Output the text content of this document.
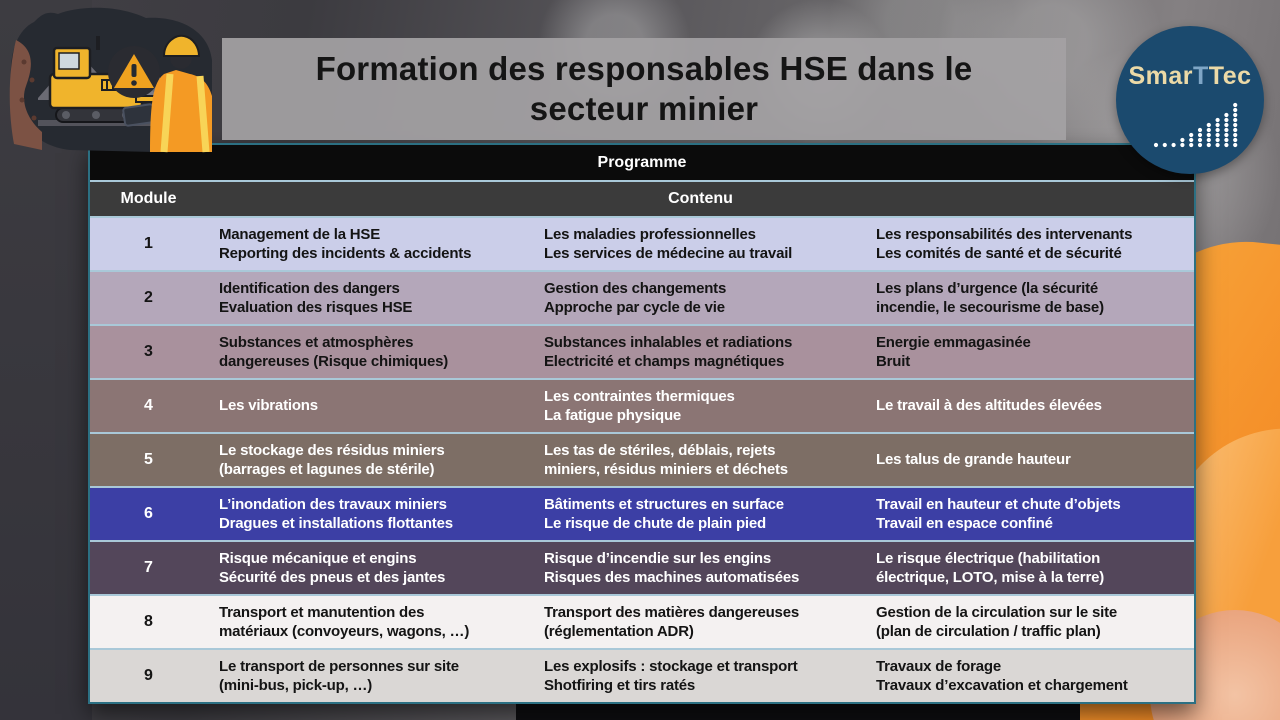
Formation des responsables HSE dans le
secteur minier
SmarTTec
Programme
Module	Contenu
1
Management de la HSE
Reporting des incidents & accidents
Les maladies professionnelles
Les services de médecine au travail
Les responsabilités des intervenants
Les comités de santé et de sécurité
2
Identification des dangers
Evaluation des risques HSE
Gestion des changements
Approche par cycle de vie
Les plans d’urgence (la sécurité
incendie, le secourisme de base)
3
Substances et atmosphères
dangereuses (Risque chimiques)
Substances inhalables et radiations
Electricité et champs magnétiques
Energie emmagasinée
Bruit
4	Les vibrations
Les contraintes thermiques
La fatigue physique
Le travail à des altitudes élevées
5
Le stockage des résidus miniers
(barrages et lagunes de stérile)
Les tas de stériles, déblais, rejets
miniers, résidus miniers et déchets
Les talus de grande hauteur
6
L’inondation des travaux miniers
Dragues et installations flottantes
Bâtiments et structures en surface
Le risque de chute de plain pied
Travail en hauteur et chute d’objets
Travail en espace confiné
7
Risque mécanique et engins
Sécurité des pneus et des jantes
Risque d’incendie sur les engins
Risques des machines automatisées
Le risque électrique (habilitation
électrique, LOTO, mise à la terre)
8
Transport et manutention des
matériaux (convoyeurs, wagons, …)
Transport des matières dangereuses
(réglementation ADR)
Gestion de la circulation sur le site
(plan de circulation / traffic plan)
9
Le transport de personnes sur site
(mini-bus, pick-up, …)
Les explosifs : stockage et transport
Shotfiring et tirs ratés
Travaux de forage
Travaux d’excavation et chargement
